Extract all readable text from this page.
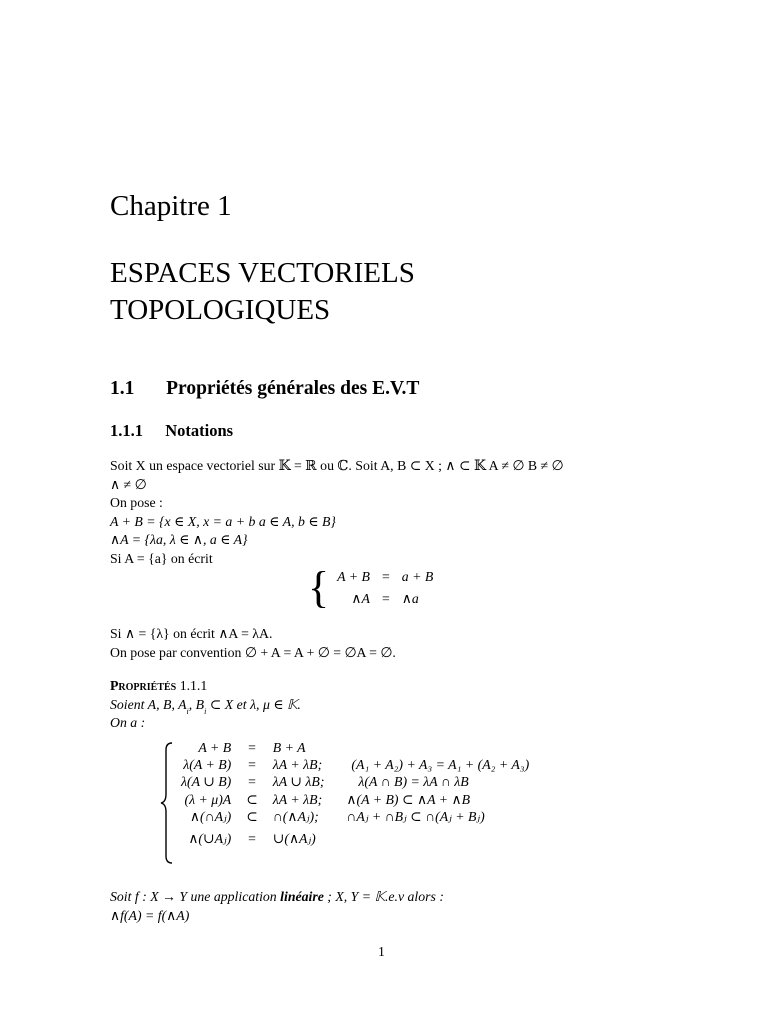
Chapitre 1
ESPACES VECTORIELS
TOPOLOGIQUES
1.1 Propriétés générales des E.V.T
1.1.1 Notations
Soit X un espace vectoriel sur 𝕂 = ℝ ou ℂ. Soit A, B ⊂ X ; ∧ ⊂ 𝕂 A ≠ ∅ B ≠ ∅
∧ ≠ ∅
On pose :
A + B = {x ∈ X, x = a + b a ∈ A, b ∈ B}
∧A = {λa, λ ∈ ∧, a ∈ A}
Si A = {a} on écrit
{	A + B	=	a + B
	∧A	=	∧a
Si ∧ = {λ} on écrit ∧A = λA.
On pose par convention ∅ + A = A + ∅ = ∅A = ∅.
Propriétés 1.1.1
Soient A, B, $A_i$, $B_i$ ⊂ X et λ, μ ∈ 𝕂.
On a :
A + B	=	B + A	
λ(A + B)	=	λA + λB;	(A₁ + A₂) + A₃ = A₁ + (A₂ + A₃)
λ(A ∪ B)	=	λA ∪ λB;	λ(A ∩ B) = λA ∩ λB
(λ + μ)A	⊂	λA + λB;	∧(A + B) ⊂ ∧A + ∧B
∧(∩Aⱼ)	⊂	∩(∧Aⱼ);	∩Aⱼ + ∩Bⱼ ⊂ ∩(Aⱼ + Bⱼ)
∧(∪Aⱼ)	=	∪(∧Aⱼ)	
Soit f : X → Y une application linéaire ; X, Y = 𝕂.e.v alors :
∧f(A) = f(∧A)
1
